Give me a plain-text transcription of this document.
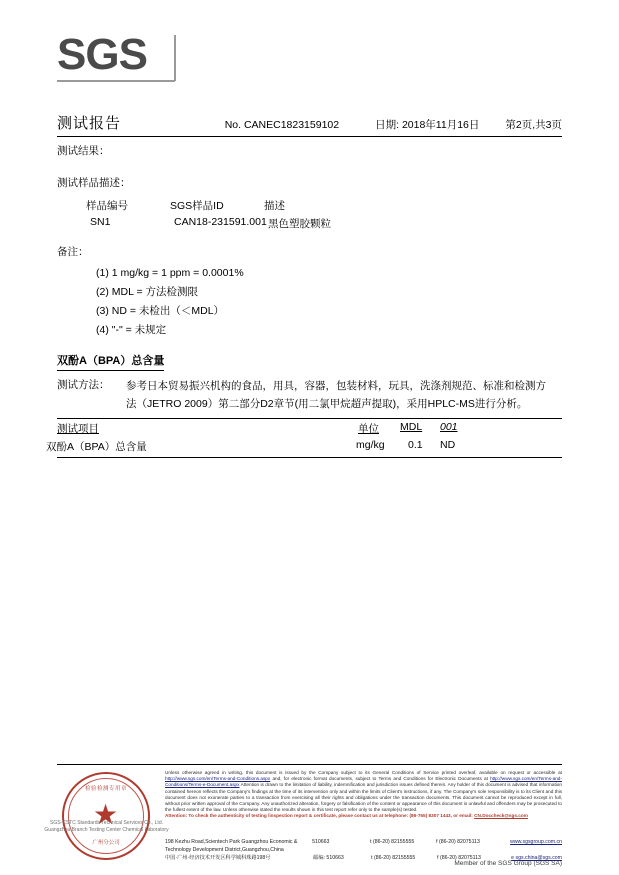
SGS
测试报告	No. CANEC1823159102	日期: 2018年11月16日 第2页,共3页
测试结果：
测试样品描述：
样品编号	SGS样品ID	描述
SN1	CAN18-231591.001 黑色塑胶颗粒
备注：
(1) 1 mg/kg = 1 ppm = 0.0001%
(2) MDL = 方法检测限
(3) ND = 未检出（＜MDL）
(4) "-" = 未规定
双酚A（BPA）总含量
测试方法： 参考日本贸易振兴机构的食品，用具，容器，包装材料，玩具，洗涤剂规范、标准和检测方
法（JETRO 2009）第二部分D2章节(用二氯甲烷超声提取)，采用HPLC-MS进行分析。
测试项目	单位 MDL 001
双酚A（BPA）总含量	mg/kg 0.1 ND
检验检测专用章
★
广州分公司
SGS-CSTC Standards Technical Services Co., Ltd.
Guangzhou Branch Testing Center Chemical Laboratory
Unless otherwise agreed in writing, this document is issued by the Company subject to its General Conditions of Service printed overleaf, available on request or accessible at http://www.sgs.com/en/Terms-and-Conditions.aspx and, for electronic format documents, subject to Terms and Conditions for Electronic Documents at http://www.sgs.com/en/Terms-and-Conditions/Terms-e-Document.aspx Attention is drawn to the limitation of liability, indemnification and jurisdiction issues defined therein. Any holder of this document is advised that information contained hereon reflects the Company's findings at the time of its intervention only and within the limits of Client's instructions, if any. The Company's sole responsibility is to its Client and this document does not exonerate parties to a transaction from exercising all their rights and obligations under the transaction documents. This document cannot be reproduced except in full, without prior written approval of the Company. Any unauthorized alteration, forgery or falsification of the content or appearance of this document is unlawful and offenders may be prosecuted to the fullest extent of the law. Unless otherwise stated the results shown in this test report refer only to the sample(s) tested.
Attention: To check the authenticity of testing /inspection report & certificate, please contact us at telephone: (86-755) 8307 1443, or email: CN.Doccheck@sgs.com
198 Kezhu Road,Scientech Park Guangzhou Economic & Technology Development District,Guangzhou,China
510663	t (86-20) 82155555	f (86-20) 82075113	www.sgsgroup.com.cn
中国·广州·经济技术开发区科学城科珠路198号	邮编: 510663	t (86-20) 82155555	f (86-20) 82075113	e sgs.china@sgs.com
Member of the SGS Group (SGS SA)
